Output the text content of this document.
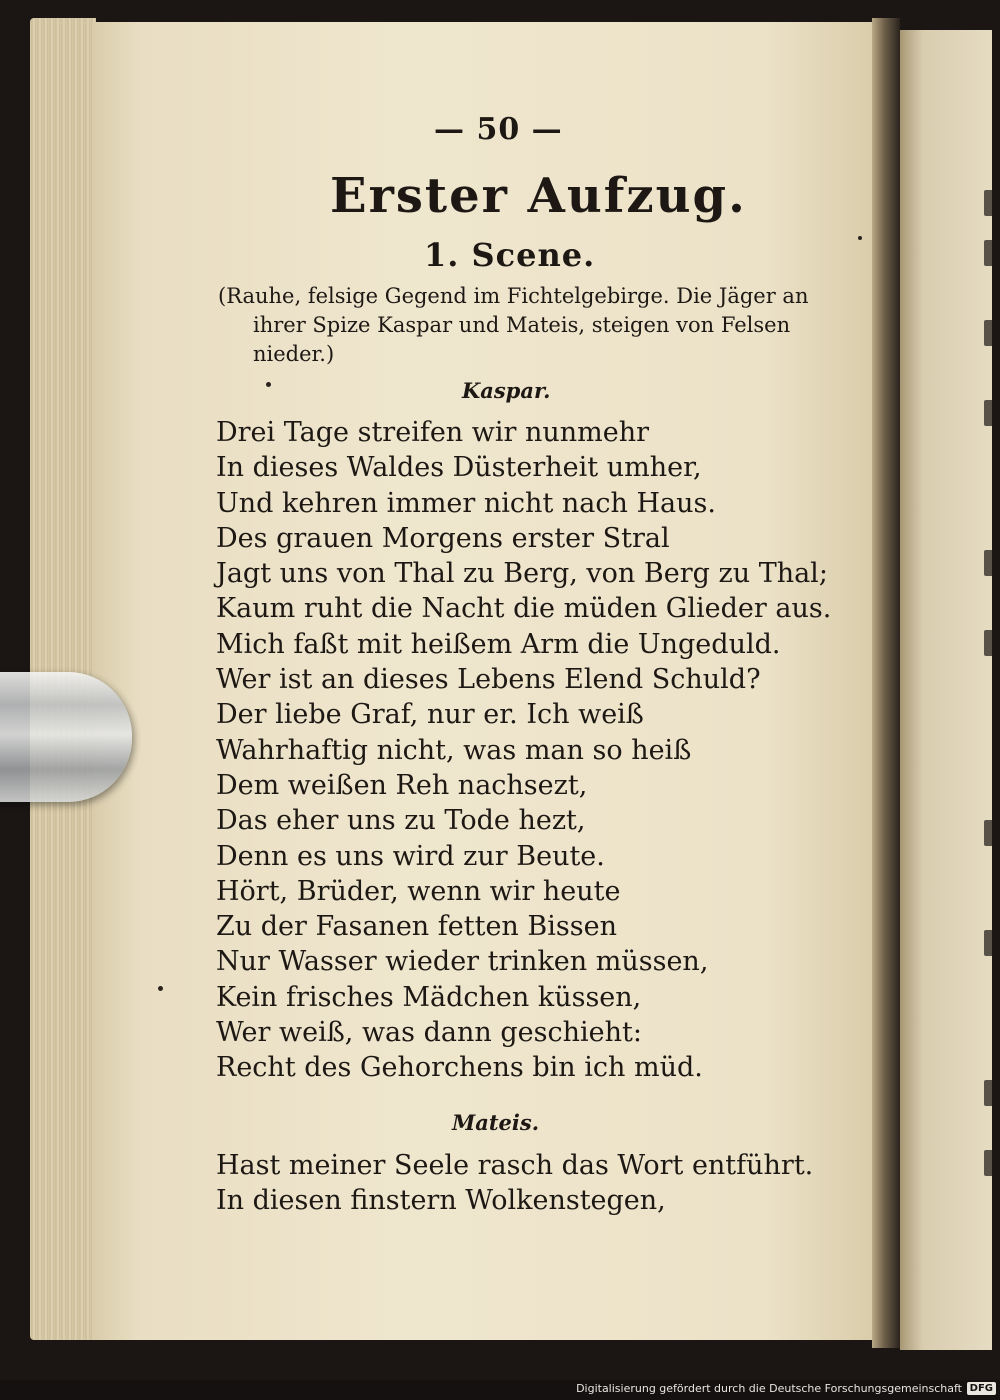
— 50 —
Erster Aufzug.
1. Scene.
(Rauhe, felsige Gegend im Fichtelgebirge. Die Jäger an
ihrer Spize Kaspar und Mateis, steigen von Felsen
nieder.)
Kaspar.
Drei Tage streifen wir nunmehr
In dieses Waldes Düsterheit umher,
Und kehren immer nicht nach Haus.
Des grauen Morgens erster Stral
Jagt uns von Thal zu Berg, von Berg zu Thal;
Kaum ruht die Nacht die müden Glieder aus.
Mich faßt mit heißem Arm die Ungeduld.
Wer ist an dieses Lebens Elend Schuld?
Der liebe Graf, nur er. Ich weiß
Wahrhaftig nicht, was man so heiß
Dem weißen Reh nachsezt,
Das eher uns zu Tode hezt,
Denn es uns wird zur Beute.
Hört, Brüder, wenn wir heute
Zu der Fasanen fetten Bissen
Nur Wasser wieder trinken müssen,
Kein frisches Mädchen küssen,
Wer weiß, was dann geschieht:
Recht des Gehorchens bin ich müd.
Mateis.
Hast meiner Seele rasch das Wort entführt.
In diesen finstern Wolkenstegen,
Digitalisierung gefördert durch die Deutsche Forschungsgemeinschaft DFG
